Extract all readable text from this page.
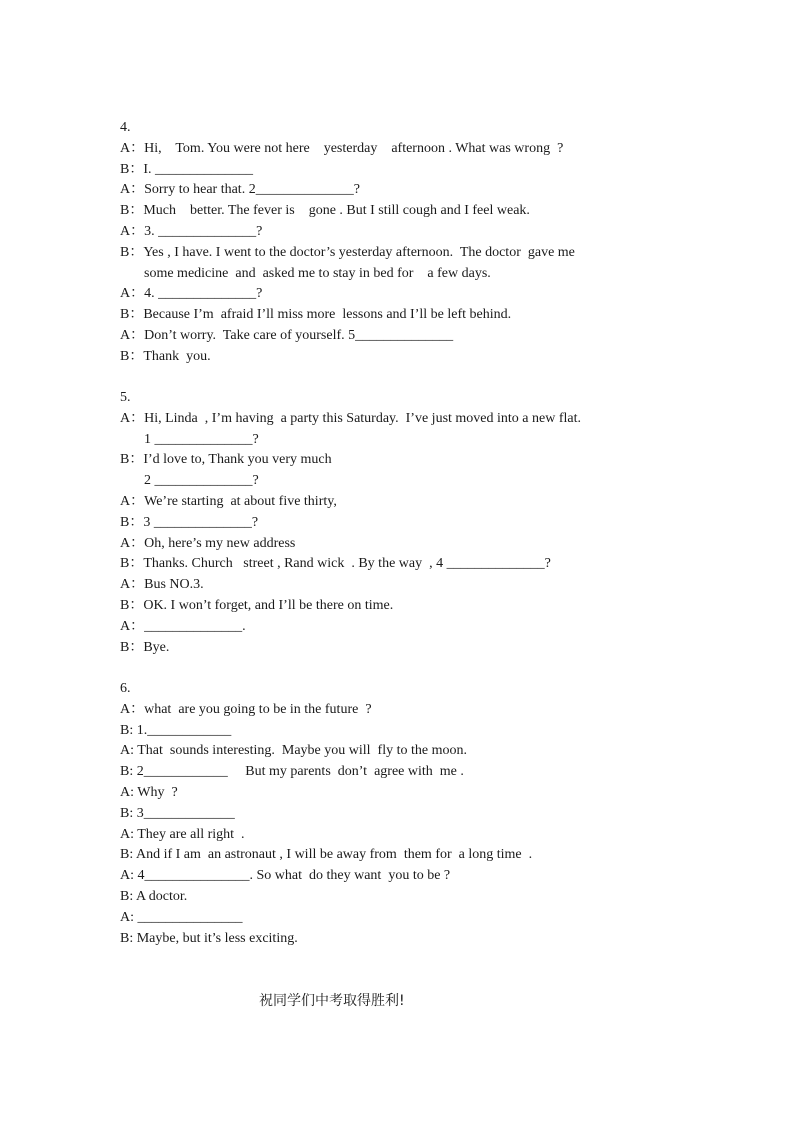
4.
A：Hi,    Tom. You were not here    yesterday    afternoon . What was wrong  ?
B：I. ______________
A：Sorry to hear that. 2______________?
B：Much    better. The fever is    gone . But I still cough and I feel weak.
A：3. ______________?
B：Yes , I have. I went to the doctor’s yesterday afternoon.  The doctor  gave me
some medicine  and  asked me to stay in bed for    a few days.
A：4. ______________?
B：Because I’m  afraid I’ll miss more  lessons and I’ll be left behind.
A：Don’t worry.  Take care of yourself. 5______________
B：Thank  you.
5.
A：Hi, Linda  , I’m having  a party this Saturday.  I’ve just moved into a new flat.
1 ______________?
B：I’d love to, Thank you very much
2 ______________?
A：We’re starting  at about five thirty,
B：3 ______________?
A：Oh, here’s my new address
B：Thanks. Church   street , Rand wick  . By the way  , 4 ______________?
A：Bus NO.3.
B：OK. I won’t forget, and I’ll be there on time.
A：______________.
B：Bye.
6.
A：what  are you going to be in the future  ?
B: 1.____________
A: That  sounds interesting.  Maybe you will  fly to the moon.
B: 2____________     But my parents  don’t  agree with  me .
A: Why  ?
B: 3_____________
A: They are all right  .
B: And if I am  an astronaut , I will be away from  them for  a long time  .
A: 4_______________. So what  do they want  you to be ?
B: A doctor.
A: _______________
B: Maybe, but it’s less exciting.
祝同学们中考取得胜利!
